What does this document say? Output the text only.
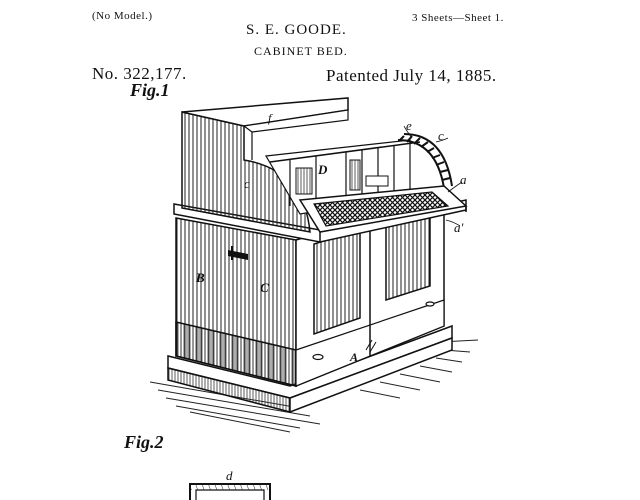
(No Model.)
S. E. GOODE.
3 Sheets—Sheet 1.
CABINET BED.
No. 322,177.	Patented July 14, 1885.
Fig.1
Fig.2
f	e
c
c
D
a
a'
B
C
A
d
